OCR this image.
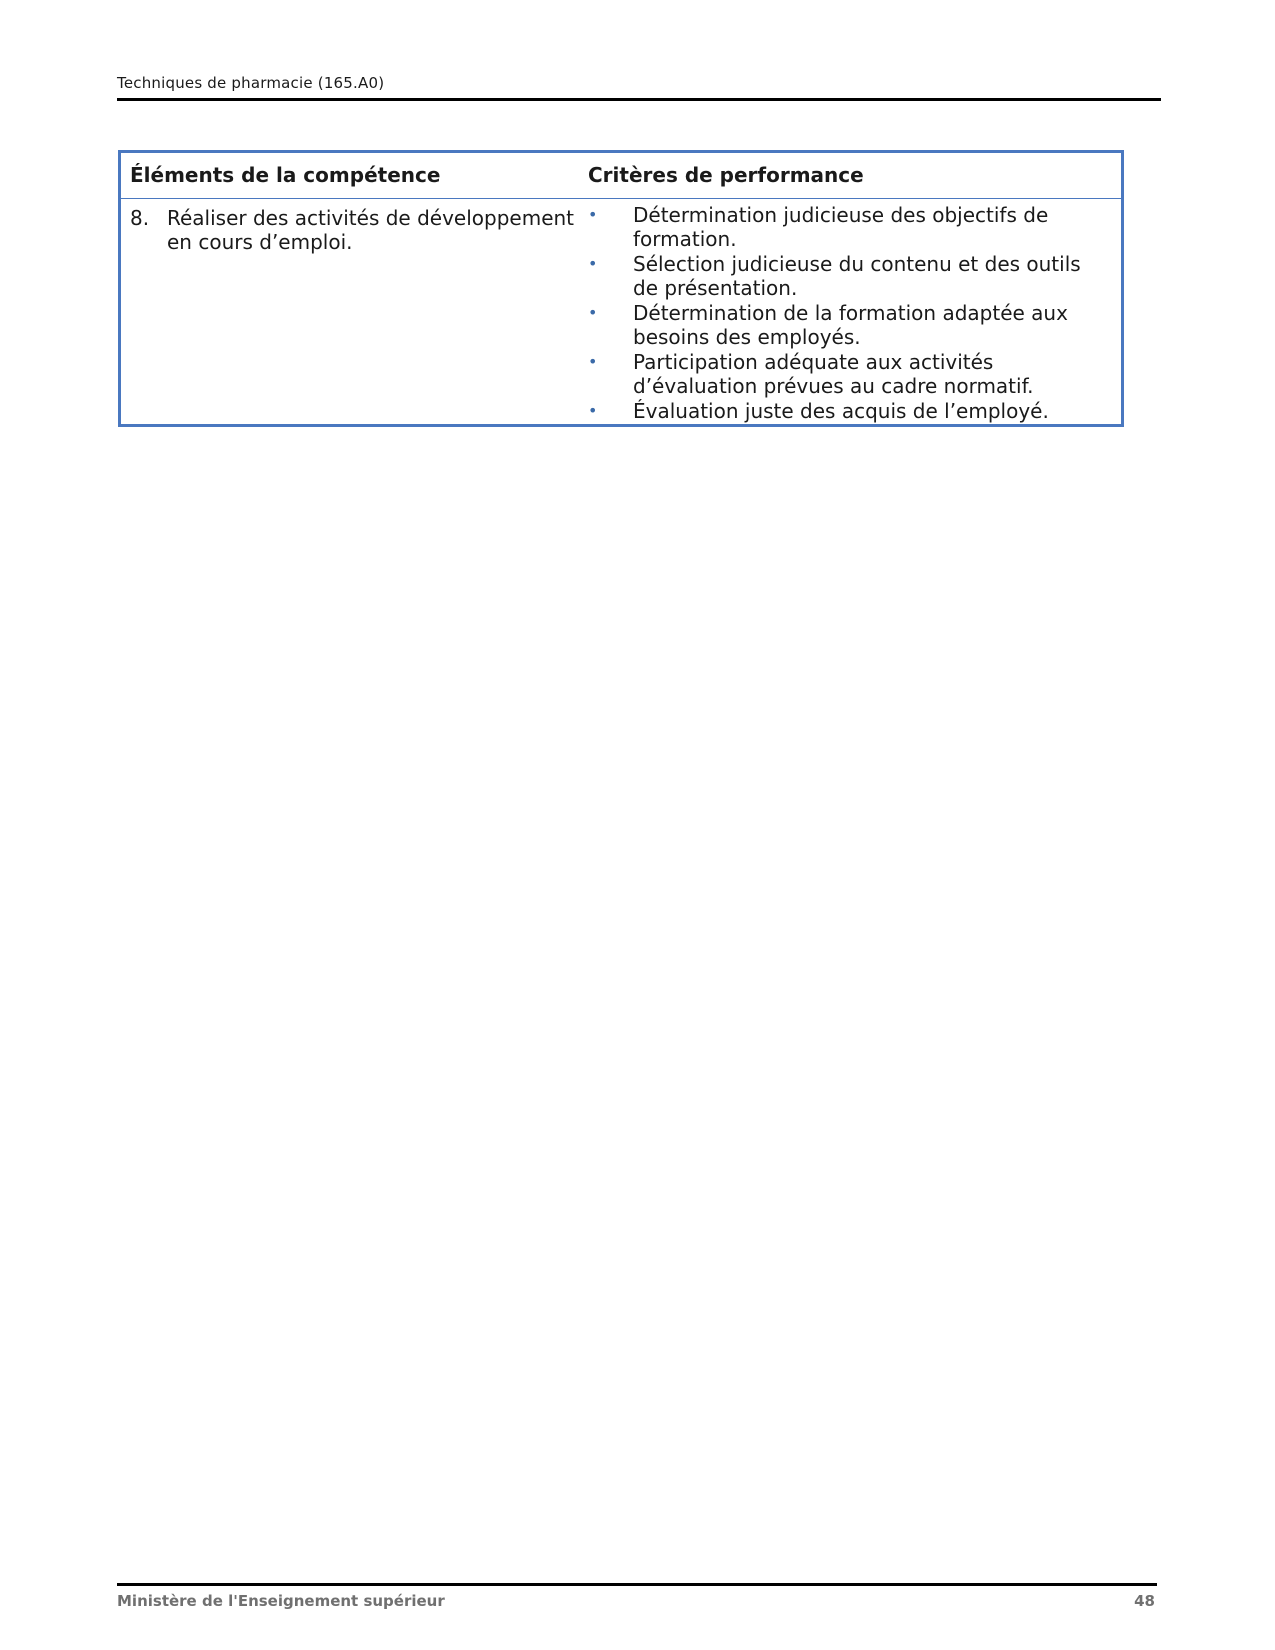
Techniques de pharmacie (165.A0)
Éléments de la compétence	Critères de performance
8. Réaliser des activités de développement en cours d’emploi.
•	Détermination judicieuse des objectifs de formation.
•	Sélection judicieuse du contenu et des outils de présentation.
•	Détermination de la formation adaptée aux besoins des employés.
•	Participation adéquate aux activités d’évaluation prévues au cadre normatif.
•	Évaluation juste des acquis de l’employé.
Ministère de l'Enseignement supérieur	48
